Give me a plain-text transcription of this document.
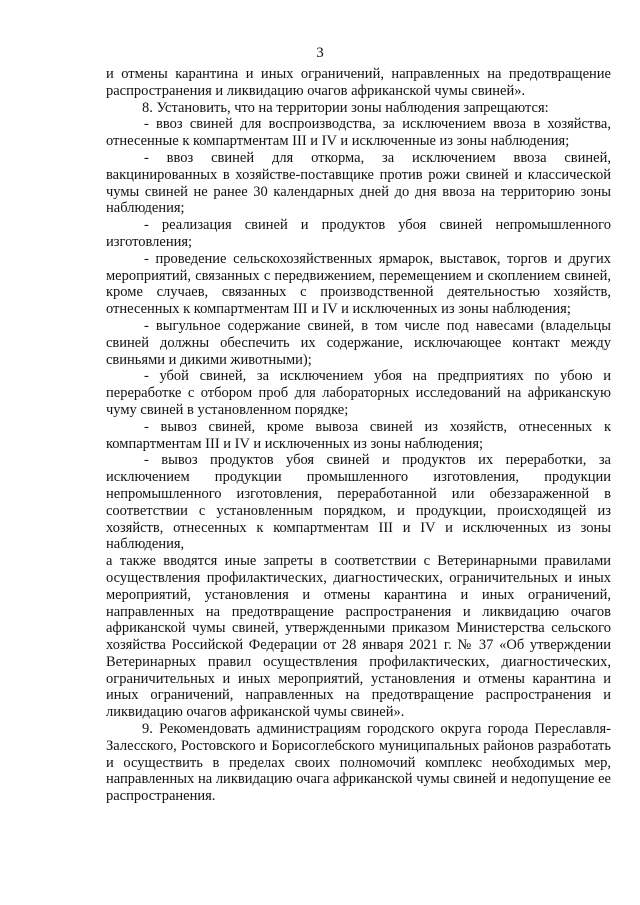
3

и отмены карантина и иных ограничений, направленных на предотвращение распространения и ликвидацию очагов африканской чумы свиней».

8. Установить, что на территории зоны наблюдения запрещаются:

- ввоз свиней для воспроизводства, за исключением ввоза в хозяйства, отнесенные к компартментам III и IV и исключенные из зоны наблюдения;

- ввоз свиней для откорма, за исключением ввоза свиней, вакцинированных в хозяйстве-поставщике против рожи свиней и классической чумы свиней не ранее 30 календарных дней до дня ввоза на территорию зоны наблюдения;

- реализация свиней и продуктов убоя свиней непромышленного изготовления;

- проведение сельскохозяйственных ярмарок, выставок, торгов и других мероприятий, связанных с передвижением, перемещением и скоплением свиней, кроме случаев, связанных с производственной деятельностью хозяйств, отнесенных к компартментам III и IV и исключенных из зоны наблюдения;

- выгульное содержание свиней, в том числе под навесами (владельцы свиней должны обеспечить их содержание, исключающее контакт между свиньями и дикими животными);

- убой свиней, за исключением убоя на предприятиях по убою и переработке с отбором проб для лабораторных исследований на африканскую чуму свиней в установленном порядке;

- вывоз свиней, кроме вывоза свиней из хозяйств, отнесенных к компартментам III и IV и исключенных из зоны наблюдения;

- вывоз продуктов убоя свиней и продуктов их переработки, за исключением продукции промышленного изготовления, продукции непромышленного изготовления, переработанной или обеззараженной в соответствии с установленным порядком, и продукции, происходящей из хозяйств, отнесенных к компартментам III и IV и исключенных из зоны наблюдения,

а также вводятся иные запреты в соответствии с Ветеринарными правилами осуществления профилактических, диагностических, ограничительных и иных мероприятий, установления и отмены карантина и иных ограничений, направленных на предотвращение распространения и ликвидацию очагов африканской чумы свиней, утвержденными приказом Министерства сельского хозяйства Российской Федерации от 28 января 2021 г. № 37 «Об утверждении Ветеринарных правил осуществления профилактических, диагностических, ограничительных и иных мероприятий, установления и отмены карантина и иных ограничений, направленных на предотвращение распространения и ликвидацию очагов африканской чумы свиней».

9. Рекомендовать администрациям городского округа города Переславля-Залесского, Ростовского и Борисоглебского муниципальных районов разработать и осуществить в пределах своих полномочий комплекс необходимых мер, направленных на ликвидацию очага африканской чумы свиней и недопущение ее распространения.
